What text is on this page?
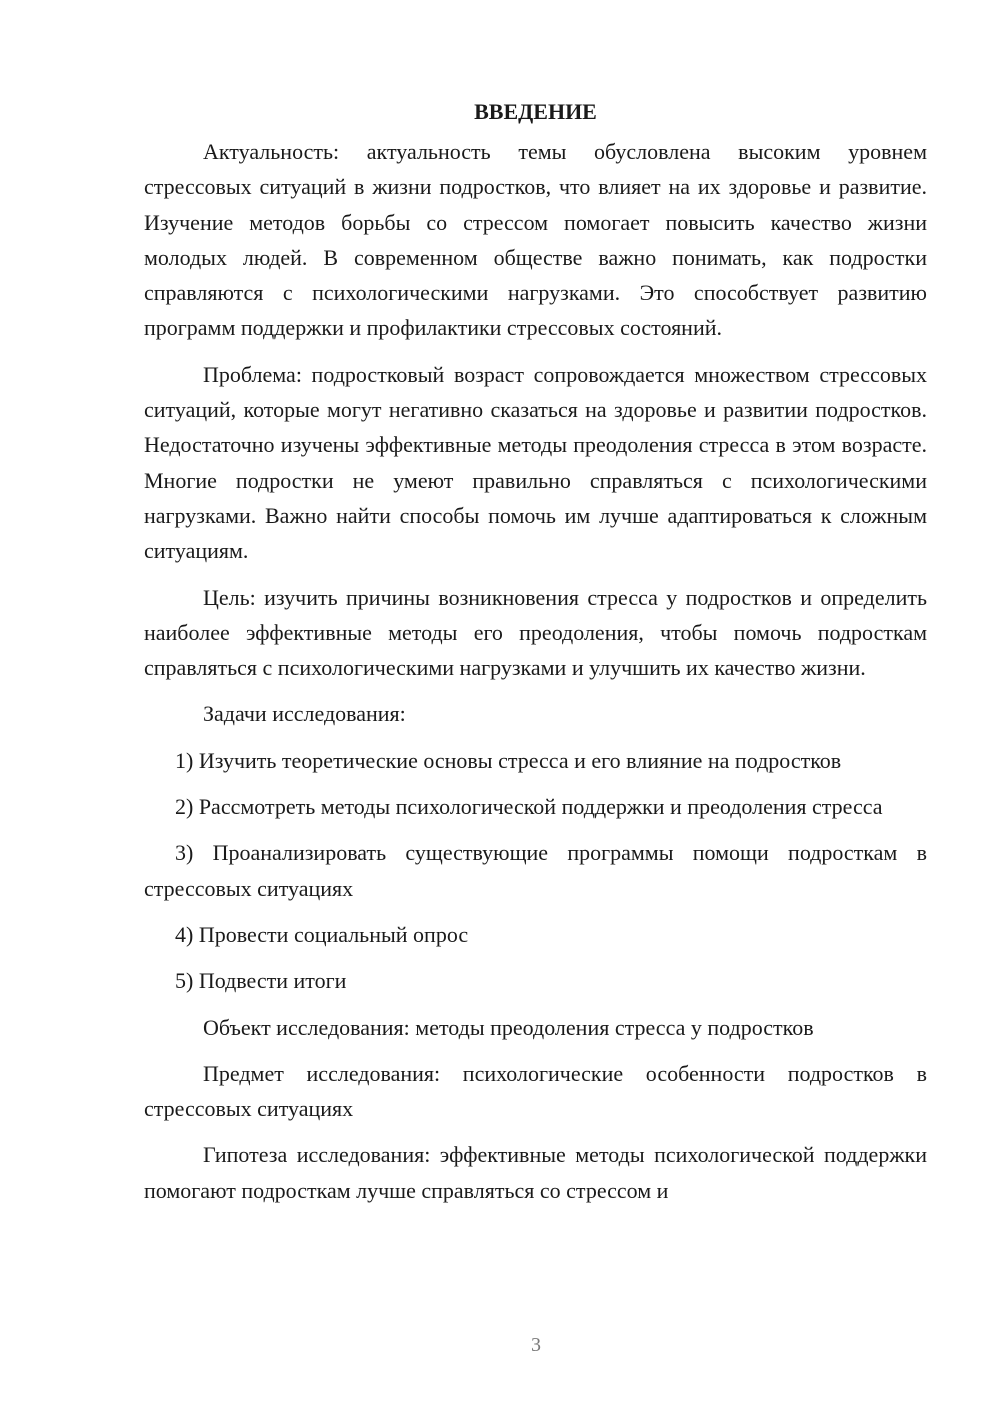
ВВЕДЕНИЕ

Актуальность: актуальность темы обусловлена высоким уровнем стрессовых ситуаций в жизни подростков, что влияет на их здоровье и развитие. Изучение методов борьбы со стрессом помогает повысить качество жизни молодых людей. В современном обществе важно понимать, как подростки справляются с психологическими нагрузками. Это способствует развитию программ поддержки и профилактики стрессовых состояний.

Проблема: подростковый возраст сопровождается множеством стрессовых ситуаций, которые могут негативно сказаться на здоровье и развитии подростков. Недостаточно изучены эффективные методы преодоления стресса в этом возрасте. Многие подростки не умеют правильно справляться с психологическими нагрузками. Важно найти способы помочь им лучше адаптироваться к сложным ситуациям.

Цель: изучить причины возникновения стресса у подростков и определить наиболее эффективные методы его преодоления, чтобы помочь подросткам справляться с психологическими нагрузками и улучшить их качество жизни.

Задачи исследования:

1) Изучить теоретические основы стресса и его влияние на подростков

2) Рассмотреть методы психологической поддержки и преодоления стресса

3) Проанализировать существующие программы помощи подросткам в стрессовых ситуациях

4) Провести социальный опрос

5) Подвести итоги

Объект исследования: методы преодоления стресса у подростков

Предмет исследования: психологические особенности подростков в стрессовых ситуациях

Гипотеза исследования: эффективные методы психологической поддержки помогают подросткам лучше справляться со стрессом и

3
